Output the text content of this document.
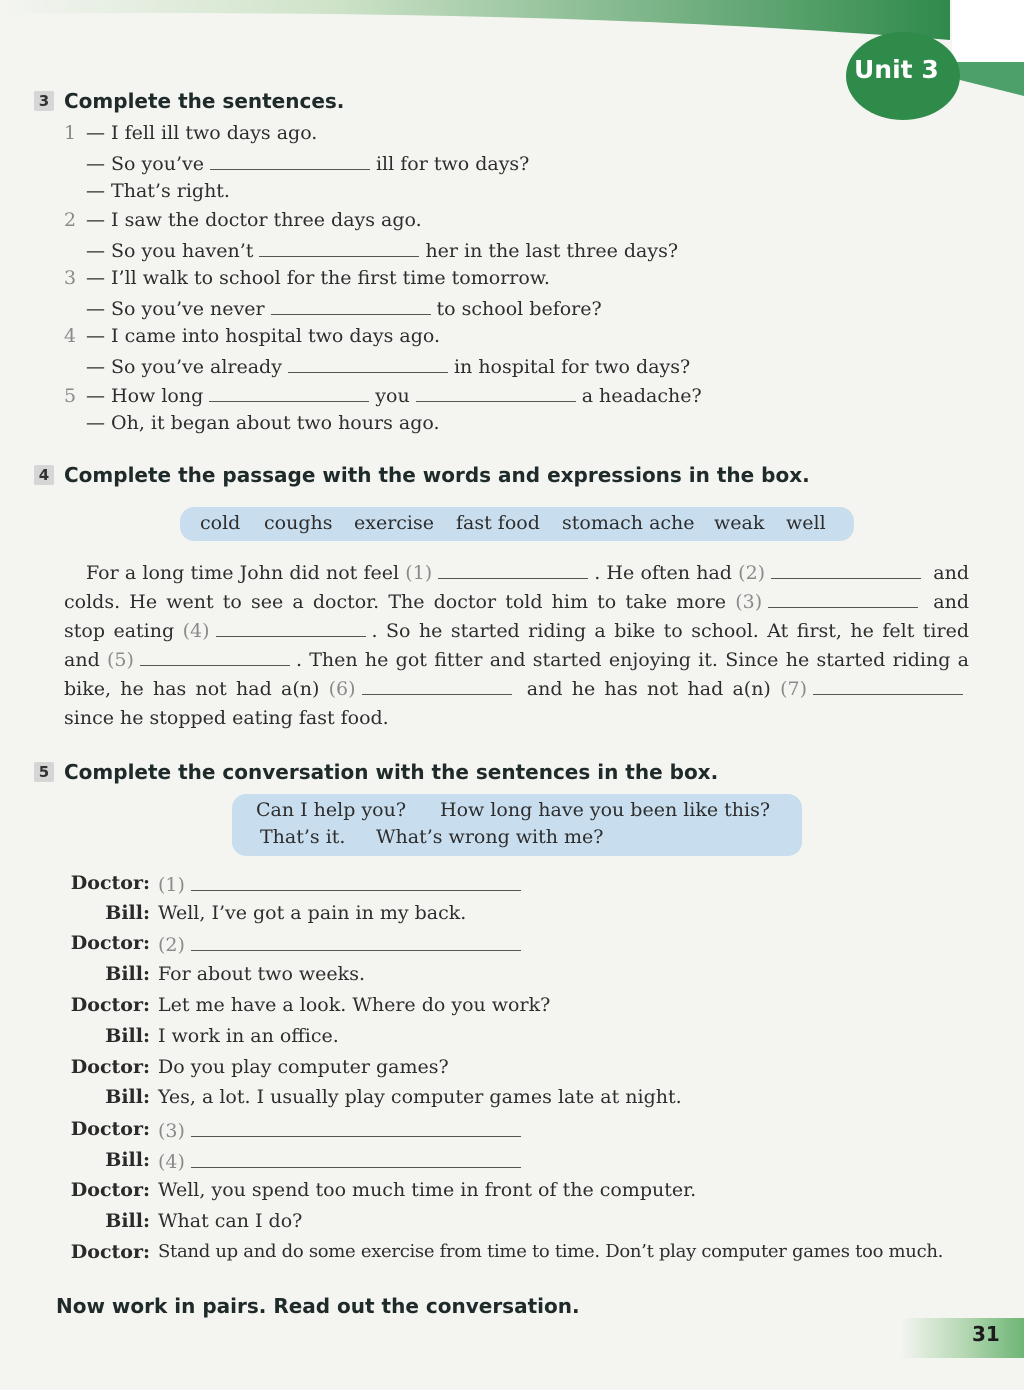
Unit 3
3 Complete the sentences.
1 — I fell ill two days ago.
— So you’ve	ill for two days?
— That’s right.
2 — I saw the doctor three days ago.
— So you haven’t	her in the last three days?
3 — I’ll walk to school for the first time tomorrow.
— So you’ve never	to school before?
4 — I came into hospital two days ago.
— So you’ve already	in hospital for two days?
5 — How long	you	a headache?
— Oh, it began about two hours ago.
4 Complete the passage with the words and expressions in the box.
cold coughs exercise fast food stomach ache weak well
For a long time John did not feel (1)	. He often had (2)	and colds. He went to see a doctor. The doctor told him to take more (3)	and stop eating (4)	. So he started riding a bike to school. At first, he felt tired and (5)	. Then he got fitter and started enjoying it. Since he started riding a bike, he has not had a(n) (6)	and he has not had a(n) (7) since he stopped eating fast food.
5 Complete the conversation with the sentences in the box.
Can I help you? How long have you been like this?
That’s it. What’s wrong with me?
Doctor: (1)
Bill: Well, I’ve got a pain in my back.
Doctor: (2)
Bill: For about two weeks.
Doctor: Let me have a look. Where do you work?
Bill: I work in an office.
Doctor: Do you play computer games?
Bill: Yes, a lot. I usually play computer games late at night.
Doctor: (3)
Bill: (4)
Doctor: Well, you spend too much time in front of the computer.
Bill: What can I do?
Doctor: Stand up and do some exercise from time to time. Don’t play computer games too much.
Now work in pairs. Read out the conversation.
31
